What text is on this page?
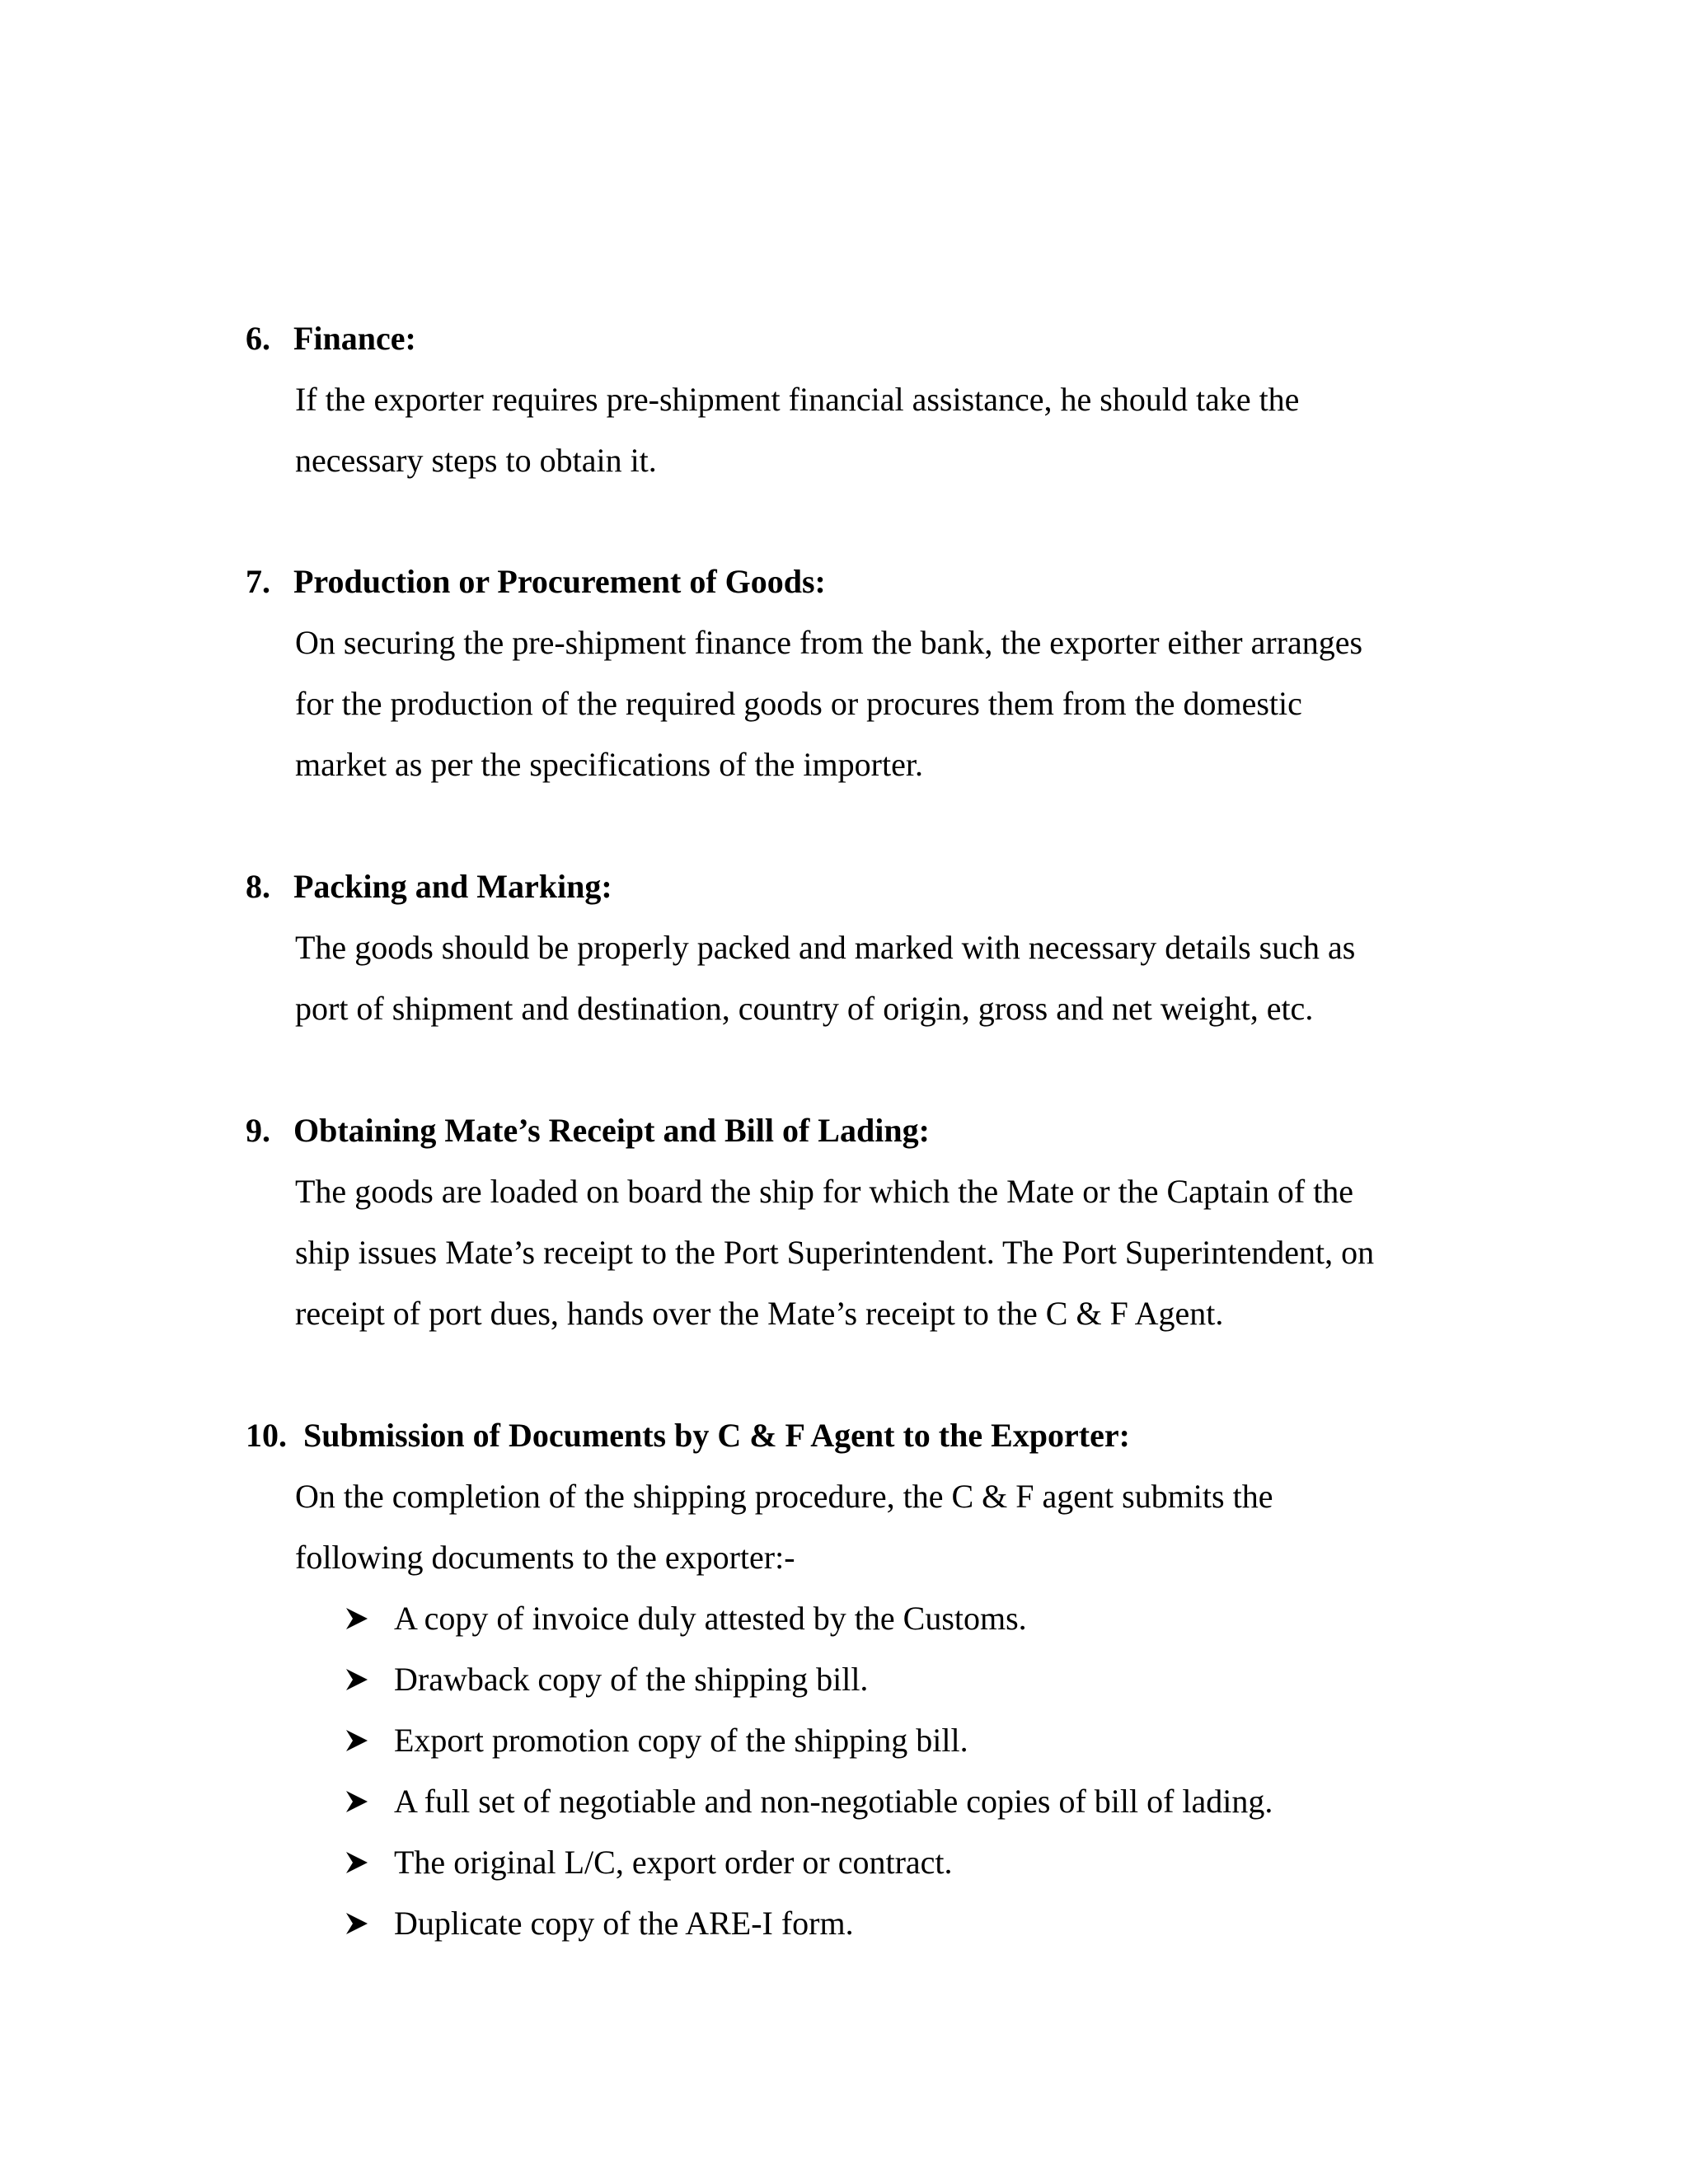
6. Finance:
If the exporter requires pre-shipment financial assistance, he should take the
necessary steps to obtain it.
7. Production or Procurement of Goods:
On securing the pre-shipment finance from the bank, the exporter either arranges
for the production of the required goods or procures them from the domestic
market as per the specifications of the importer.
8. Packing and Marking:
The goods should be properly packed and marked with necessary details such as
port of shipment and destination, country of origin, gross and net weight, etc.
9. Obtaining Mate’s Receipt and Bill of Lading:
The goods are loaded on board the ship for which the Mate or the Captain of the
ship issues Mate’s receipt to the Port Superintendent. The Port Superintendent, on
receipt of port dues, hands over the Mate’s receipt to the C & F Agent.
10. Submission of Documents by C & F Agent to the Exporter:
On the completion of the shipping procedure, the C & F agent submits the
following documents to the exporter:-
A copy of invoice duly attested by the Customs.
Drawback copy of the shipping bill.
Export promotion copy of the shipping bill.
A full set of negotiable and non-negotiable copies of bill of lading.
The original L/C, export order or contract.
Duplicate copy of the ARE-I form.
